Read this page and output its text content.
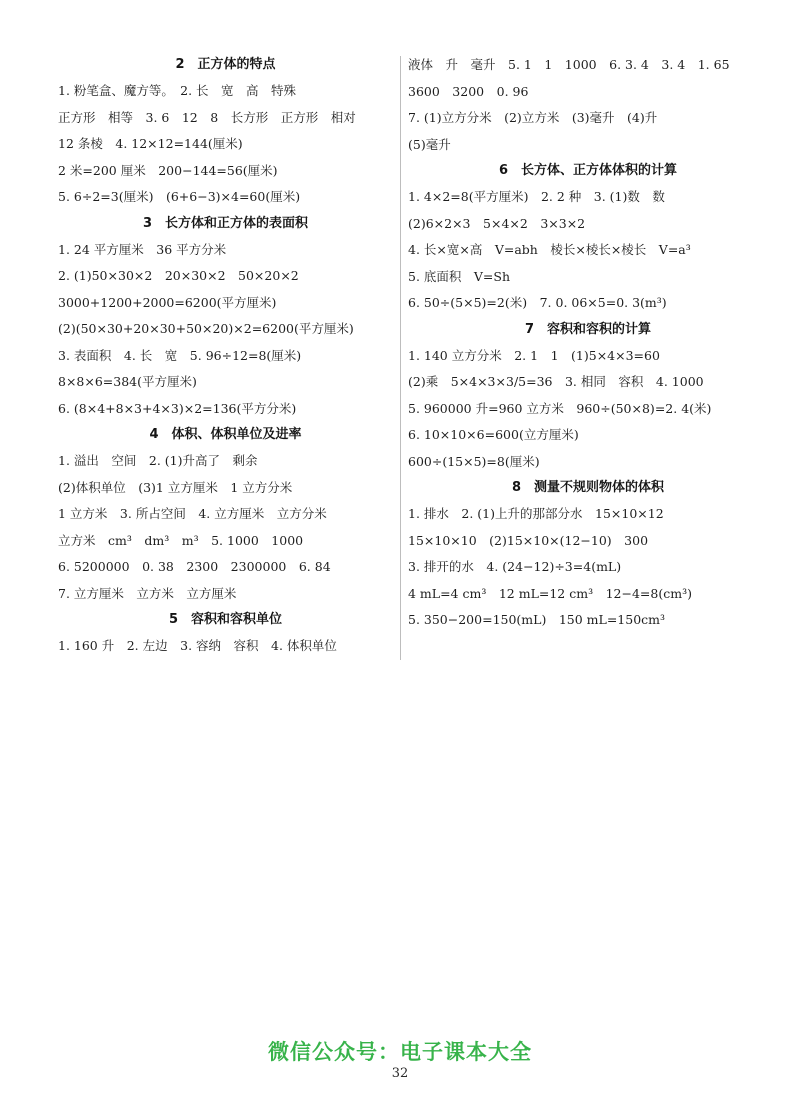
2　正方体的特点
1. 粉笔盒、魔方等。　2. 长　宽　高　特殊
正方形　相等　3. 6　12　8　长方形　正方形　相对
12 条棱　4. 12×12=144(厘米)
2 米=200 厘米　200−144=56(厘米)
5. 6÷2=3(厘米)　(6+6−3)×4=60(厘米)
3　长方体和正方体的表面积
1. 24 平方厘米　36 平方分米
2. (1)50×30×2　20×30×2　50×20×2
3000+1200+2000=6200(平方厘米)
(2)(50×30+20×30+50×20)×2=6200(平方厘米)
3. 表面积　4. 长　宽　5. 96÷12=8(厘米)
8×8×6=384(平方厘米)
6. (8×4+8×3+4×3)×2=136(平方分米)
4　体积、体积单位及进率
1. 溢出　空间　2. (1)升高了　剩余
(2)体积单位　(3)1 立方厘米　1 立方分米
1 立方米　3. 所占空间　4. 立方厘米　立方分米
立方米　cm³　dm³　m³　5. 1000　1000
6. 5200000　0. 38　2300　2300000　6. 84
7. 立方厘米　立方米　立方厘米
5　容积和容积单位
1. 160 升　2. 左边　3. 容纳　容积　4. 体积单位
液体　升　毫升　5. 1　1　1000　6. 3. 4　3. 4　1. 65
3600　3200　0. 96
7. (1)立方分米　(2)立方米　(3)毫升　(4)升
(5)毫升
6　长方体、正方体体积的计算
1. 4×2=8(平方厘米)　2. 2 种　3. (1)数　数
(2)6×2×3　5×4×2　3×3×2
4. 长×宽×高　V=abh　棱长×棱长×棱长　V=a³
5. 底面积　V=Sh
6. 50÷(5×5)=2(米)　7. 0. 06×5=0. 3(m³)
7　容积和容积的计算
1. 140 立方分米　2. 1　1　(1)5×4×3=60
(2)乘　5×4×3×3/5=36　3. 相同　容积　4. 1000
5. 960000 升=960 立方米　960÷(50×8)=2. 4(米)
6. 10×10×6=600(立方厘米)
600÷(15×5)=8(厘米)
8　测量不规则物体的体积
1. 排水　2. (1)上升的那部分水　15×10×12
15×10×10　(2)15×10×(12−10)　300
3. 排开的水　4. (24−12)÷3=4(mL)
4 mL=4 cm³　12 mL=12 cm³　12−4=8(cm³)
5. 350−200=150(mL)　150 mL=150cm³
微信公众号：电子课本大全
32
